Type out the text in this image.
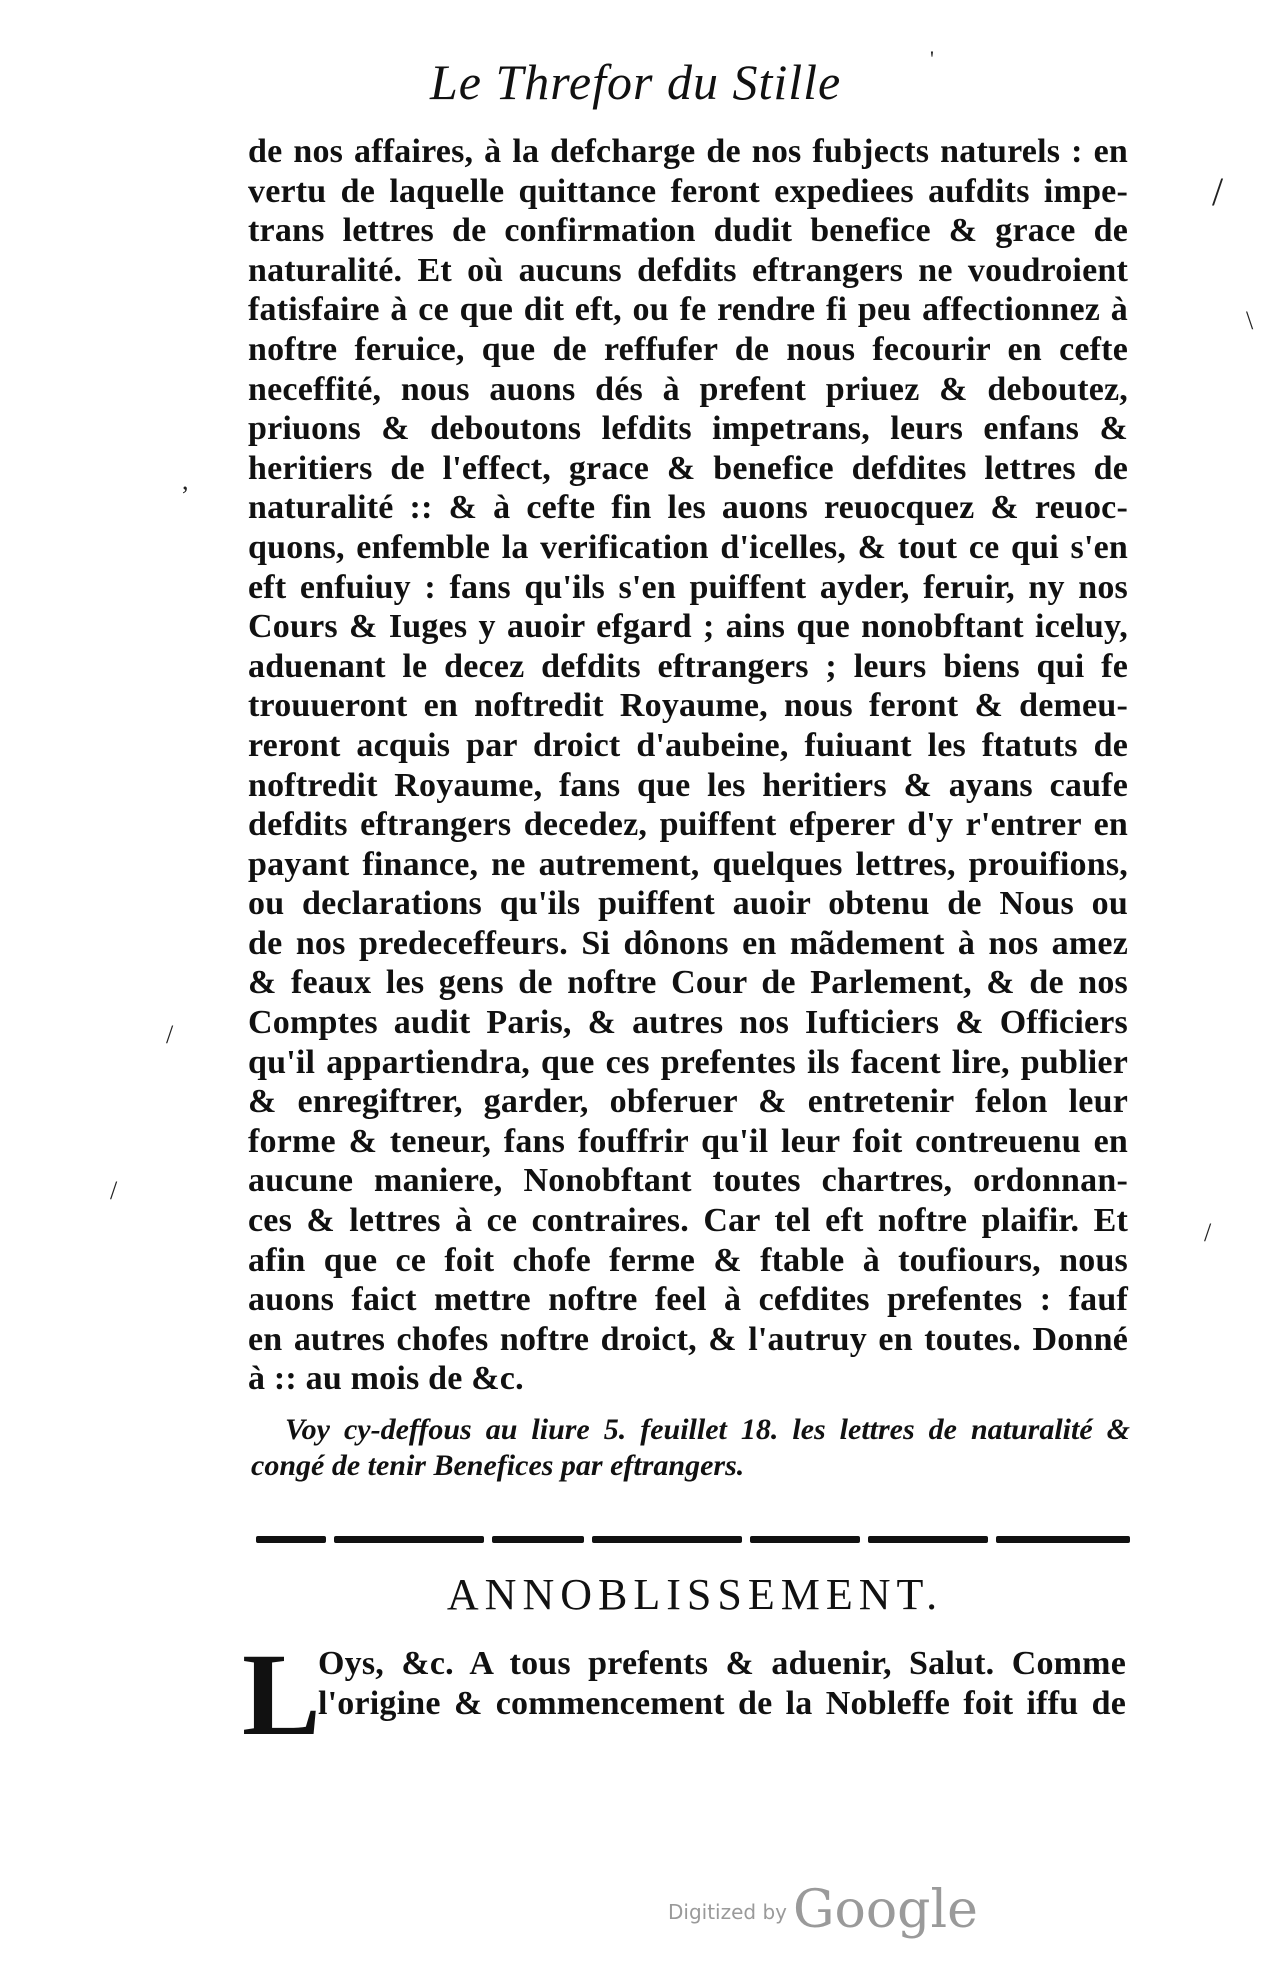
Le Threfor du Stille	'
de nos affaires, à la defcharge de nos fubjects naturels : en
vertu de laquelle quittance feront expediees aufdits impe-
trans lettres de confirmation dudit benefice & grace de
naturalité. Et où aucuns defdits eftrangers ne voudroient
fatisfaire à ce que dit eft, ou fe rendre fi peu affectionnez à
noftre feruice, que de reffufer de nous fecourir en cefte
neceffité, nous auons dés à prefent priuez & deboutez,
priuons & deboutons lefdits impetrans, leurs enfans &
heritiers de l'effect, grace & benefice defdites lettres de
naturalité :: & à cefte fin les auons reuocquez & reuoc-
quons, enfemble la verification d'icelles, & tout ce qui s'en
eft enfuiuy : fans qu'ils s'en puiffent ayder, feruir, ny nos
Cours & Iuges y auoir efgard ; ains que nonobftant iceluy,
aduenant le decez defdits eftrangers ; leurs biens qui fe
trouueront en noftredit Royaume, nous feront & demeu-
reront acquis par droict d'aubeine, fuiuant les ftatuts de
noftredit Royaume, fans que les heritiers & ayans caufe
defdits eftrangers decedez, puiffent efperer d'y r'entrer en
payant finance, ne autrement, quelques lettres, prouifions,
ou declarations qu'ils puiffent auoir obtenu de Nous ou
de nos predeceffeurs. Si dônons en mãdement à nos amez
& feaux les gens de noftre Cour de Parlement, & de nos
Comptes audit Paris, & autres nos Iufticiers & Officiers
qu'il appartiendra, que ces prefentes ils facent lire, publier
& enregiftrer, garder, obferuer & entretenir felon leur
forme & teneur, fans fouffrir qu'il leur foit contreuenu en
aucune maniere, Nonobftant toutes chartres, ordonnan-
ces & lettres à ce contraires. Car tel eft noftre plaifir. Et
afin que ce foit chofe ferme & ftable à toufiours, nous
auons faict mettre noftre feel à cefdites prefentes : fauf
en autres chofes noftre droict, & l'autruy en toutes. Donné
à :: au mois de &c.
Voy cy-deffous au liure 5. feuillet 18. les lettres de naturalité &
congé de tenir Benefices par eftrangers.
ANNOBLISSEMENT.
L
Oys, &c. A tous prefents & aduenir, Salut. Comme
l'origine & commencement de la Nobleffe foit iffu de
/
\
,
/
/
/
Digitized by Google
